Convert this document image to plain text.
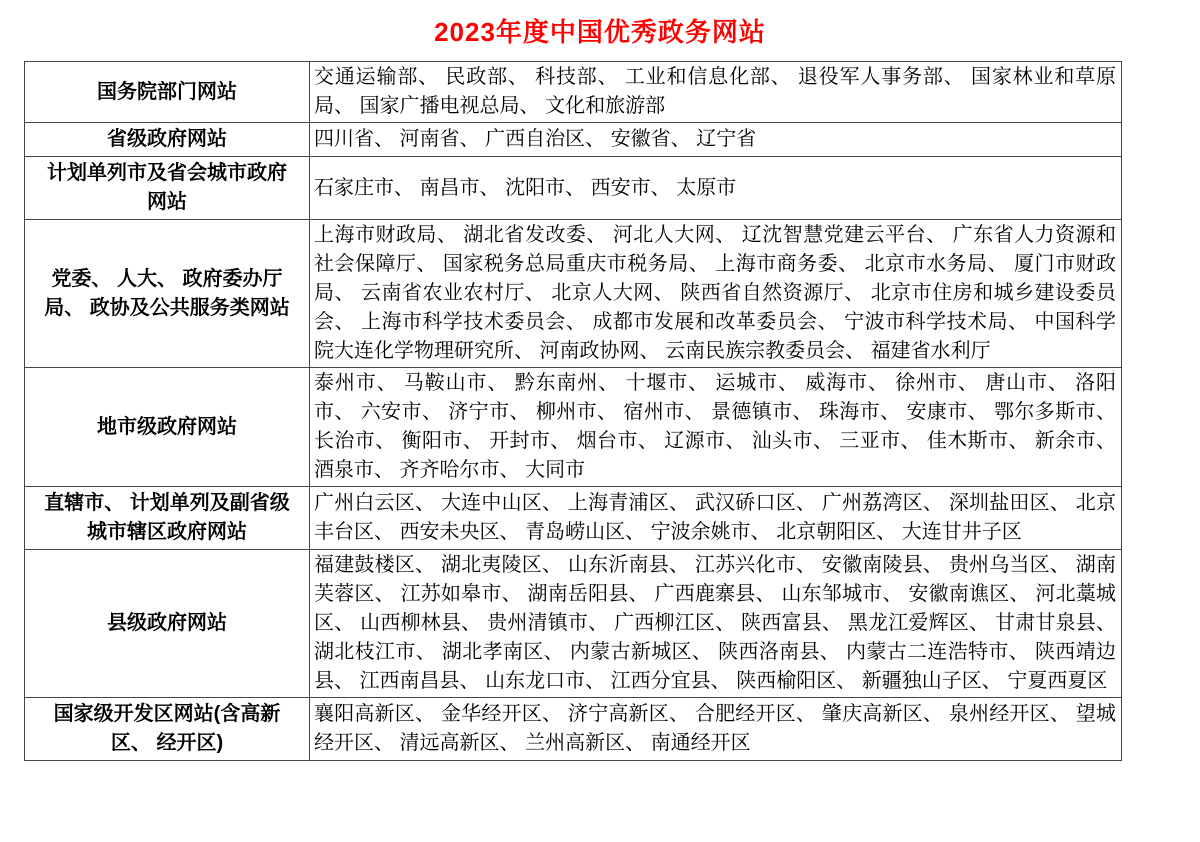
2023年度中国优秀政务网站
国务院部门网站	交通运输部、 民政部、 科技部、 工业和信息化部、 退役军人事务部、 国家林业和草原局、 国家广播电视总局、 文化和旅游部
省级政府网站	四川省、 河南省、 广西自治区、 安徽省、 辽宁省
计划单列市及省会城市政府网站	石家庄市、 南昌市、 沈阳市、 西安市、 太原市
党委、 人大、 政府委办厅局、 政协及公共服务类网站	上海市财政局、 湖北省发改委、 河北人大网、 辽沈智慧党建云平台、 广东省人力资源和社会保障厅、 国家税务总局重庆市税务局、 上海市商务委、 北京市水务局、 厦门市财政局、 云南省农业农村厅、 北京人大网、 陕西省自然资源厅、 北京市住房和城乡建设委员会、 上海市科学技术委员会、 成都市发展和改革委员会、 宁波市科学技术局、 中国科学院大连化学物理研究所、 河南政协网、 云南民族宗教委员会、 福建省水利厅
地市级政府网站	泰州市、 马鞍山市、 黔东南州、 十堰市、 运城市、 威海市、 徐州市、 唐山市、 洛阳市、 六安市、 济宁市、 柳州市、 宿州市、 景德镇市、 珠海市、 安康市、 鄂尔多斯市、 长治市、 衡阳市、 开封市、 烟台市、 辽源市、 汕头市、 三亚市、 佳木斯市、 新余市、 酒泉市、 齐齐哈尔市、 大同市
直辖市、 计划单列及副省级城市辖区政府网站	广州白云区、 大连中山区、 上海青浦区、 武汉硚口区、 广州荔湾区、 深圳盐田区、 北京丰台区、 西安未央区、 青岛崂山区、 宁波余姚市、 北京朝阳区、 大连甘井子区
县级政府网站	福建鼓楼区、 湖北夷陵区、 山东沂南县、 江苏兴化市、 安徽南陵县、 贵州乌当区、 湖南芙蓉区、 江苏如皋市、 湖南岳阳县、 广西鹿寨县、 山东邹城市、 安徽南谯区、 河北藁城区、 山西柳林县、 贵州清镇市、 广西柳江区、 陕西富县、 黑龙江爱辉区、 甘肃甘泉县、 湖北枝江市、 湖北孝南区、 内蒙古新城区、 陕西洛南县、 内蒙古二连浩特市、 陕西靖边县、 江西南昌县、 山东龙口市、 江西分宜县、 陕西榆阳区、 新疆独山子区、 宁夏西夏区
国家级开发区网站(含高新区、 经开区)	襄阳高新区、 金华经开区、 济宁高新区、 合肥经开区、 肇庆高新区、 泉州经开区、 望城经开区、 清远高新区、 兰州高新区、 南通经开区
